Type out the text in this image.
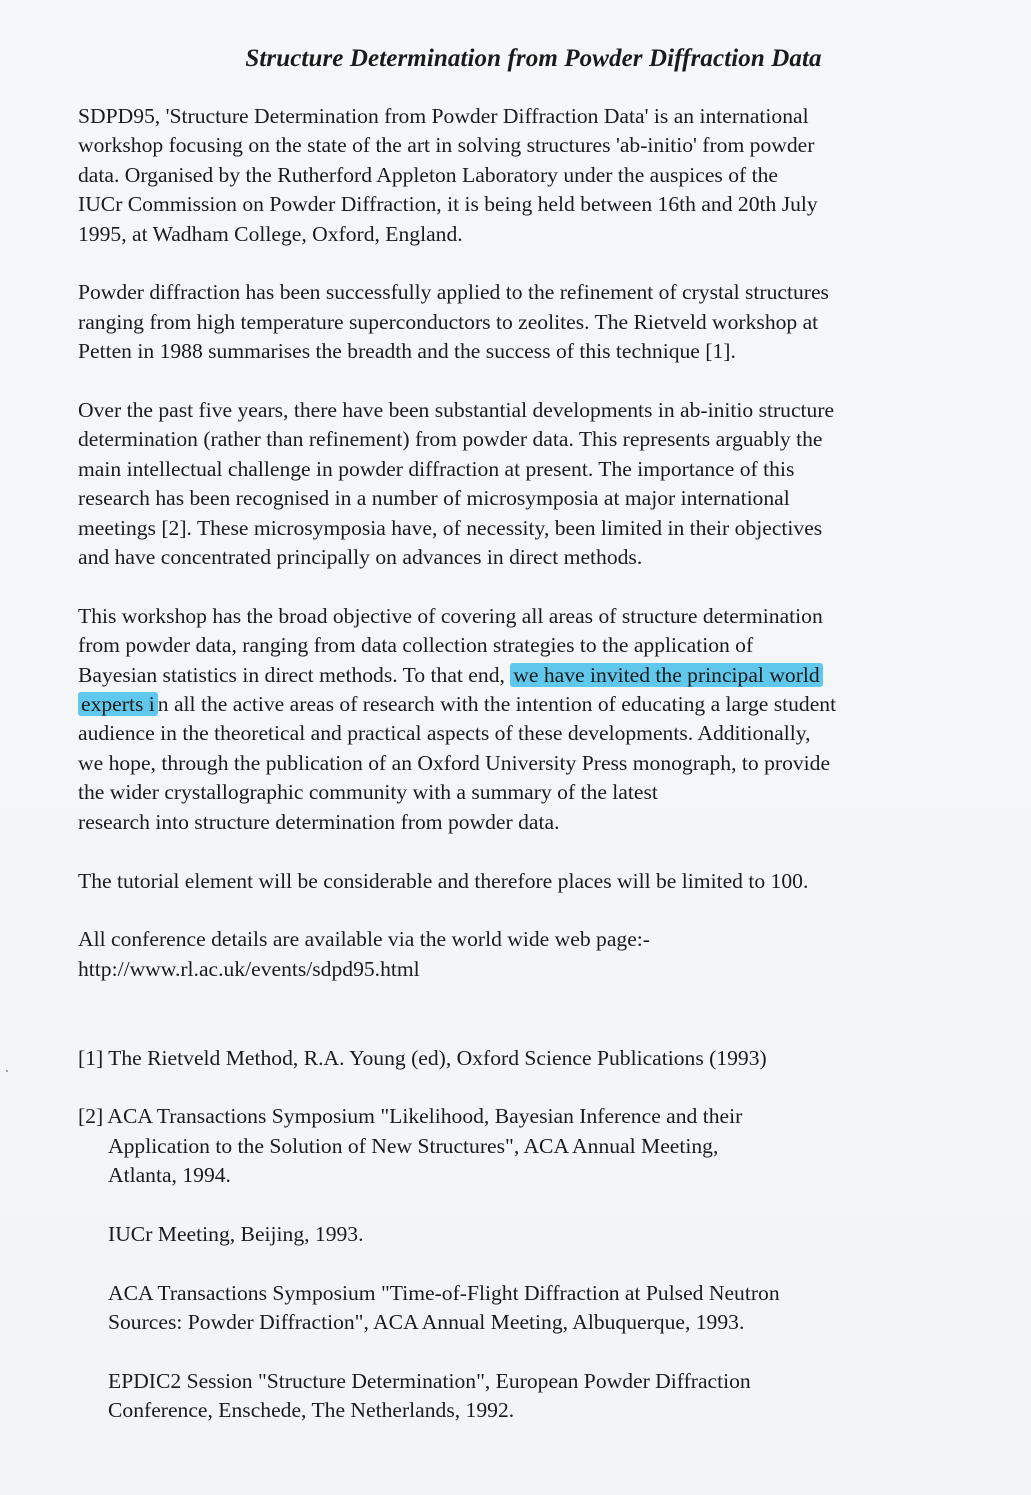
Structure Determination from Powder Diffraction Data
SDPD95, 'Structure Determination from Powder Diffraction Data' is an international
workshop focusing on the state of the art in solving structures 'ab-initio' from powder
data. Organised by the Rutherford Appleton Laboratory under the auspices of the
IUCr Commission on Powder Diffraction, it is being held between 16th and 20th July
1995, at Wadham College, Oxford, England.
Powder diffraction has been successfully applied to the refinement of crystal structures
ranging from high temperature superconductors to zeolites. The Rietveld workshop at
Petten in 1988 summarises the breadth and the success of this technique [1].
Over the past five years, there have been substantial developments in ab-initio structure
determination (rather than refinement) from powder data. This represents arguably the
main intellectual challenge in powder diffraction at present. The importance of this
research has been recognised in a number of microsymposia at major international
meetings [2]. These microsymposia have, of necessity, been limited in their objectives
and have concentrated principally on advances in direct methods.
This workshop has the broad objective of covering all areas of structure determination
from powder data, ranging from data collection strategies to the application of
Bayesian statistics in direct methods. To that end, we have invited the principal world
experts i n all the active areas of research with the intention of educating a large student
audience in the theoretical and practical aspects of these developments. Additionally,
we hope, through the publication of an Oxford University Press monograph, to provide
the wider crystallographic community with a summary of the latest
research into structure determination from powder data.
The tutorial element will be considerable and therefore places will be limited to 100.
All conference details are available via the world wide web page:-
http://www.rl.ac.uk/events/sdpd95.html
[1] The Rietveld Method, R.A. Young (ed), Oxford Science Publications (1993)
[2] ACA Transactions Symposium "Likelihood, Bayesian Inference and their
Application to the Solution of New Structures", ACA Annual Meeting,
Atlanta, 1994.
IUCr Meeting, Beijing, 1993.
ACA Transactions Symposium "Time-of-Flight Diffraction at Pulsed Neutron
Sources: Powder Diffraction", ACA Annual Meeting, Albuquerque, 1993.
EPDIC2 Session "Structure Determination", European Powder Diffraction
Conference, Enschede, The Netherlands, 1992.
